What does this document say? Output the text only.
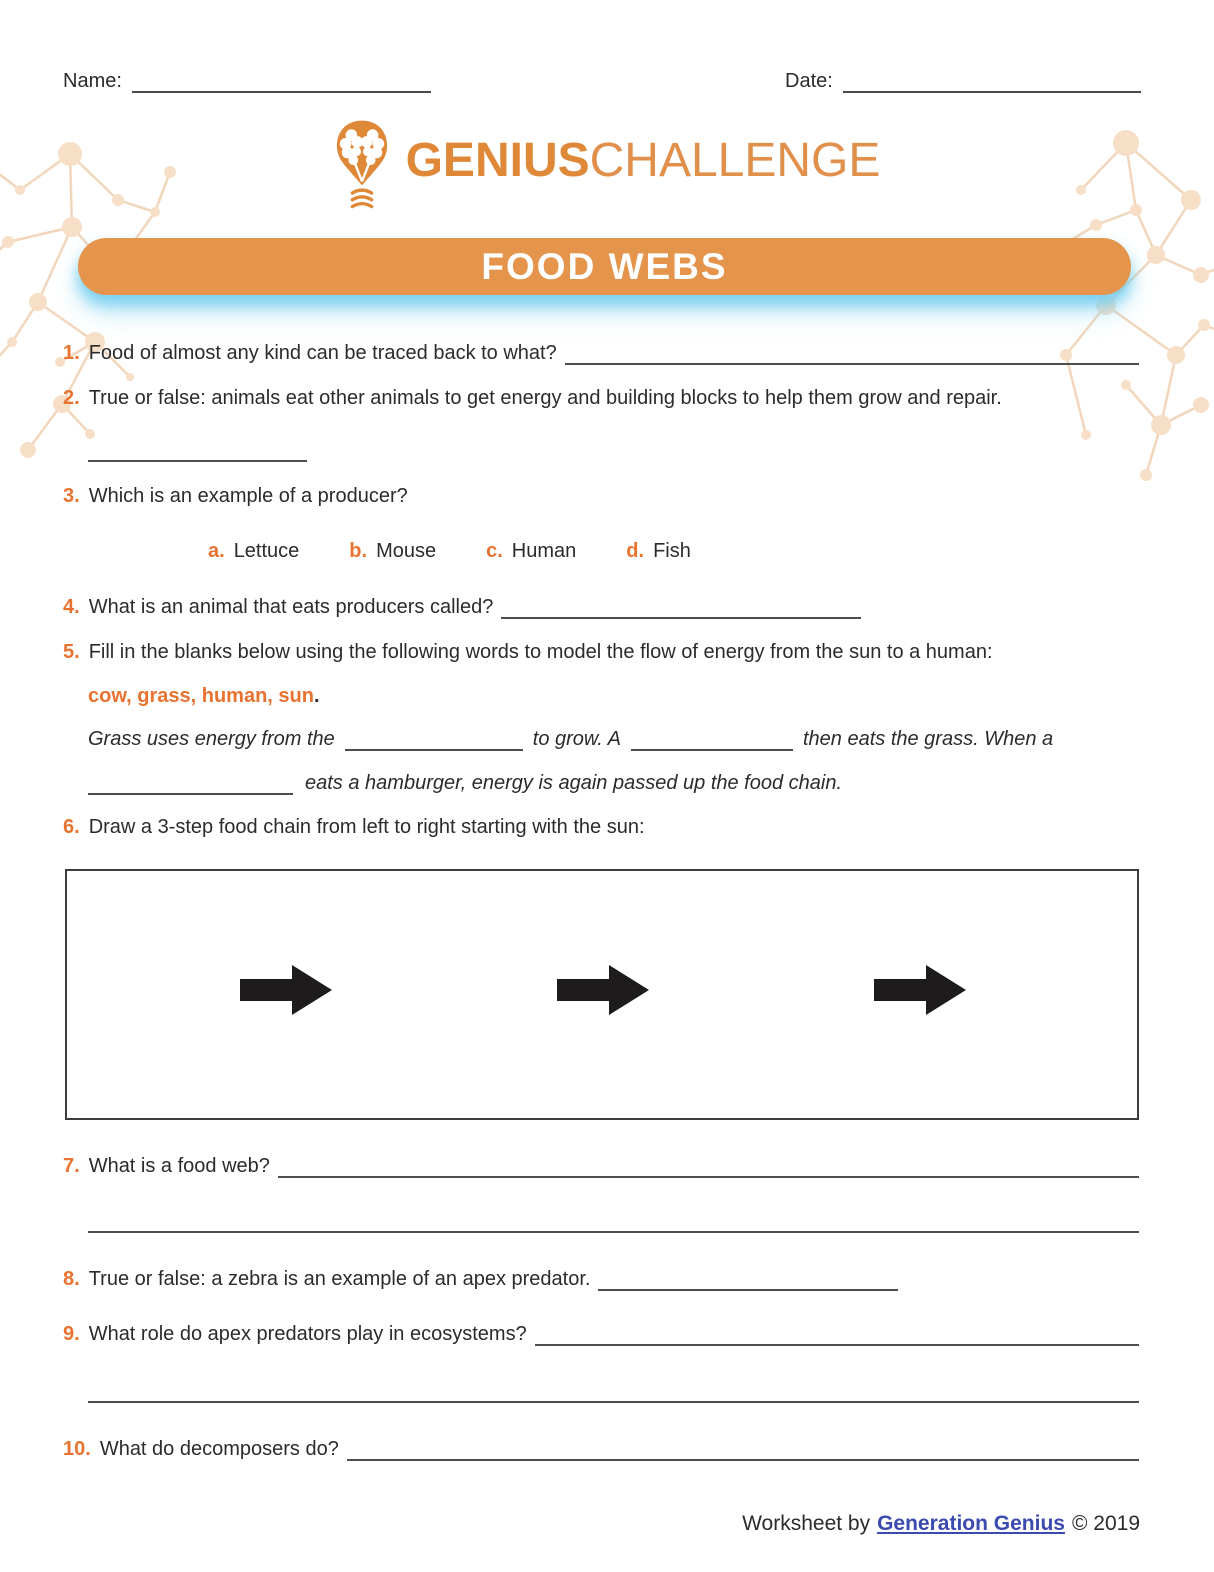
Name:	Date:
GENIUSCHALLENGE
FOOD WEBS
1. Food of almost any kind can be traced back to what?
2. True or false: animals eat other animals to get energy and building blocks to help them grow and repair.
3. Which is an example of a producer?
a. Lettuce	b. Mouse	c. Human	d. Fish
4. What is an animal that eats producers called?
5. Fill in the blanks below using the following words to model the flow of energy from the sun to a human:
cow, grass, human, sun.
Grass uses energy from the	to grow. A	then eats the grass. When a
eats a hamburger, energy is again passed up the food chain.
6. Draw a 3-step food chain from left to right starting with the sun:
7. What is a food web?
8. True or false: a zebra is an example of an apex predator.
9. What role do apex predators play in ecosystems?
10. What do decomposers do?
Worksheet by Generation Genius © 2019
